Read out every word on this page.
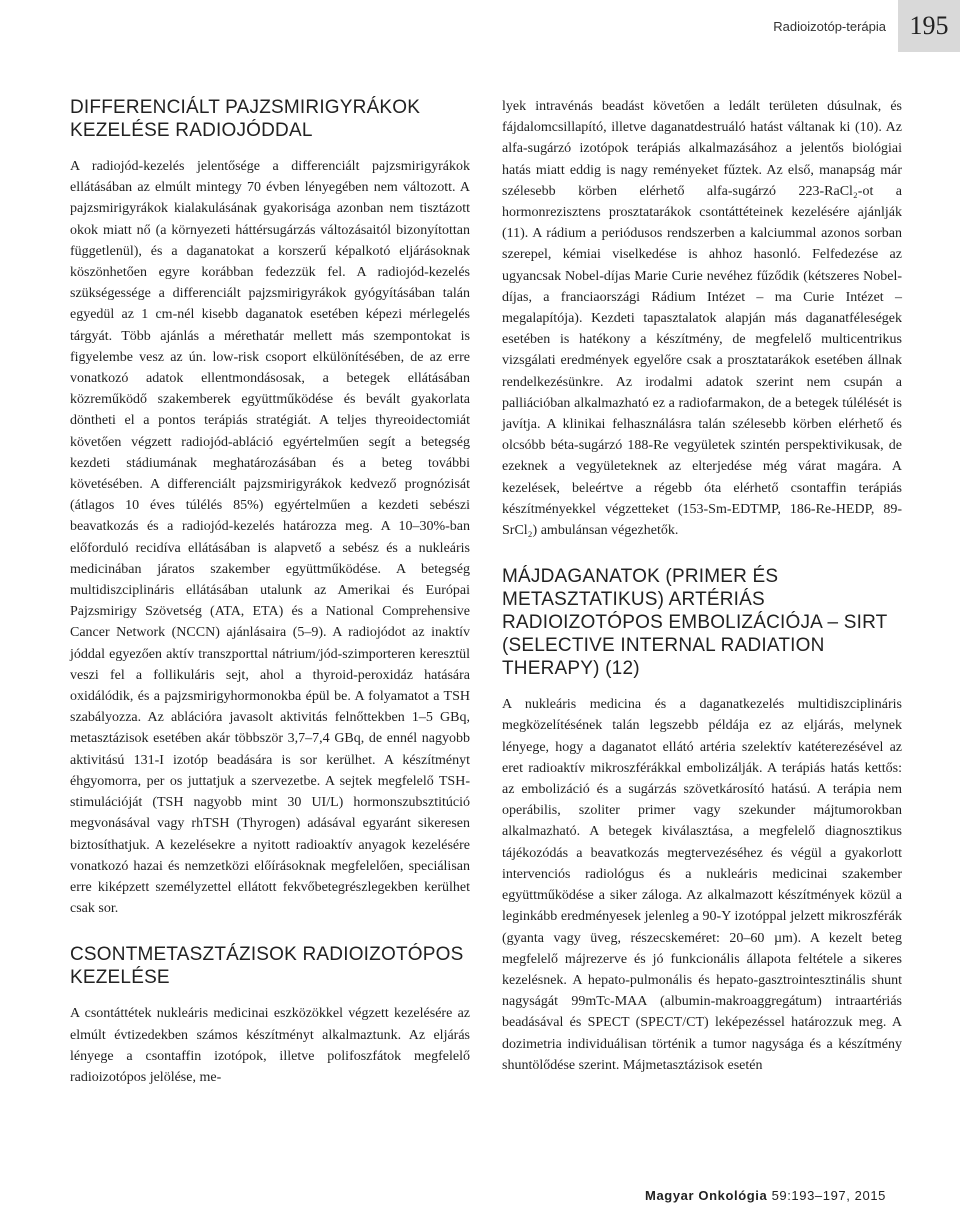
Radioizotóp-terápia 195
DIFFERENCIÁLT PAJZSMIRIGYRÁKOK KEZELÉSE RADIOJÓDDAL

A radiojód-kezelés jelentősége a differenciált pajzsmirigyrákok ellátásában az elmúlt mintegy 70 évben lényegében nem változott. A pajzsmirigyrákok kialakulásának gyakorisága azonban nem tisztázott okok miatt nő (a környezeti háttérsugárzás változásaitól bizonyítottan függetlenül), és a daganatokat a korszerű képalkotó eljárásoknak köszönhetően egyre korábban fedezzük fel. A radiojód-kezelés szükségessége a differenciált pajzsmirigyrákok gyógyításában talán egyedül az 1 cm-nél kisebb daganatok esetében képezi mérlegelés tárgyát. Több ajánlás a mérethatár mellett más szempontokat is figyelembe vesz az ún. low-risk csoport elkülönítésében, de az erre vonatkozó adatok ellentmondásosak, a betegek ellátásában közreműködő szakemberek együttműködése és bevált gyakorlata döntheti el a pontos terápiás stratégiát. A teljes thyreoidectomiát követően végzett radiojód-abláció egyértelműen segít a betegség kezdeti stádiumának meghatározásában és a beteg további követésében. A differenciált pajzsmirigyrákok kedvező prognózisát (átlagos 10 éves túlélés 85%) egyértelműen a kezdeti sebészi beavatkozás és a radiojód-kezelés határozza meg. A 10–30%-ban előforduló recidíva ellátásában is alapvető a sebész és a nukleáris medicinában járatos szakember együttműködése. A betegség multidiszciplináris ellátásában utalunk az Amerikai és Európai Pajzsmirigy Szövetség (ATA, ETA) és a National Comprehensive Cancer Network (NCCN) ajánlásaira (5–9). A radiojódot az inaktív jóddal egyezően aktív transzporttal nátrium/jód-szimporteren keresztül veszi fel a follikuláris sejt, ahol a thyroid-peroxidáz hatására oxidálódik, és a pajzsmirigyhormonokba épül be. A folyamatot a TSH szabályozza. Az ablációra javasolt aktivitás felnőttekben 1–5 GBq, metasztázisok esetében akár többször 3,7–7,4 GBq, de ennél nagyobb aktivitású 131-I izotóp beadására is sor kerülhet. A készítményt éhgyomorra, per os juttatjuk a szervezetbe. A sejtek megfelelő TSH-stimulációját (TSH nagyobb mint 30 UI/L) hormonszubsztitúció megvonásával vagy rhTSH (Thyrogen) adásával egyaránt sikeresen biztosíthatjuk. A kezelésekre a nyitott radioaktív anyagok kezelésére vonatkozó hazai és nemzetközi előírásoknak megfelelően, speciálisan erre kiképzett személyzettel ellátott fekvőbetegrészlegekben kerülhet csak sor.

CSONTMETASZTÁZISOK RADIOIZOTÓPOS KEZELÉSE

A csontáttétek nukleáris medicinai eszközökkel végzett kezelésére az elmúlt évtizedekben számos készítményt alkalmaztunk. Az eljárás lényege a csontaffin izotópok, illetve polifoszfátok megfelelő radioizotópos jelölése, me-

lyek intravénás beadást követően a ledált területen dúsulnak, és fájdalomcsillapító, illetve daganatdestruáló hatást váltanak ki (10). Az alfa-sugárzó izotópok terápiás alkalmazásához a jelentős biológiai hatás miatt eddig is nagy reményeket fűztek. Az első, manapság már szélesebb körben elérhető alfa-sugárzó 223-RaCl₂-ot a hormonrezisztens prosztatarákok csontáttéteinek kezelésére ajánlják (11). A rádium a periódusos rendszerben a kalciummal azonos sorban szerepel, kémiai viselkedése is ahhoz hasonló. Felfedezése az ugyancsak Nobel-díjas Marie Curie nevéhez fűződik (kétszeres Nobel-díjas, a franciaországi Rádium Intézet – ma Curie Intézet – megalapítója). Kezdeti tapasztalatok alapján más daganatféleségek esetében is hatékony a készítmény, de megfelelő multicentrikus vizsgálati eredmények egyelőre csak a prosztatarákok esetében állnak rendelkezésünkre. Az irodalmi adatok szerint nem csupán a palliációban alkalmazható ez a radiofarmakon, de a betegek túlélését is javítja. A klinikai felhasználásra talán szélesebb körben elérhető és olcsóbb béta-sugárzó 188-Re vegyületek szintén perspektivikusak, de ezeknek a vegyületeknek az elterjedése még várat magára. A kezelések, beleértve a régebb óta elérhető csontaffin terápiás készítményekkel végzetteket (153-Sm-EDTMP, 186-Re-HEDP, 89-SrCl₂) ambulánsan végezhetők.

MÁJDAGANATOK (PRIMER ÉS METASZTATIKUS) ARTÉRIÁS RADIOIZOTÓPOS EMBOLIZÁCIÓJA – SIRT (SELECTIVE INTERNAL RADIATION THERAPY) (12)

A nukleáris medicina és a daganatkezelés multidiszciplináris megközelítésének talán legszebb példája ez az eljárás, melynek lényege, hogy a daganatot ellátó artéria szelektív katéterezésével az eret radioaktív mikroszférákkal embolizálják. A terápiás hatás kettős: az embolizáció és a sugárzás szövetkárosító hatású. A terápia nem operábilis, szoliter primer vagy szekunder májtumorokban alkalmazható. A betegek kiválasztása, a megfelelő diagnosztikus tájékozódás a beavatkozás megtervezéséhez és végül a gyakorlott intervenciós radiológus és a nukleáris medicinai szakember együttműködése a siker záloga. Az alkalmazott készítmények közül a leginkább eredményesek jelenleg a 90-Y izotóppal jelzett mikroszférák (gyanta vagy üveg, részecskeméret: 20–60 µm). A kezelt beteg megfelelő májrezerve és jó funkcionális állapota feltétele a sikeres kezelésnek. A hepato-pulmonális és hepato-gasztrointesztinális shunt nagyságát 99mTc-MAA (albumin-makroaggregátum) intraartériás beadásával és SPECT (SPECT/CT) leképezéssel határozzuk meg. A dozimetria individuálisan történik a tumor nagysága és a készítmény shuntölődése szerint. Májmetasztázisok esetén

Magyar Onkológia 59:193–197, 2015
